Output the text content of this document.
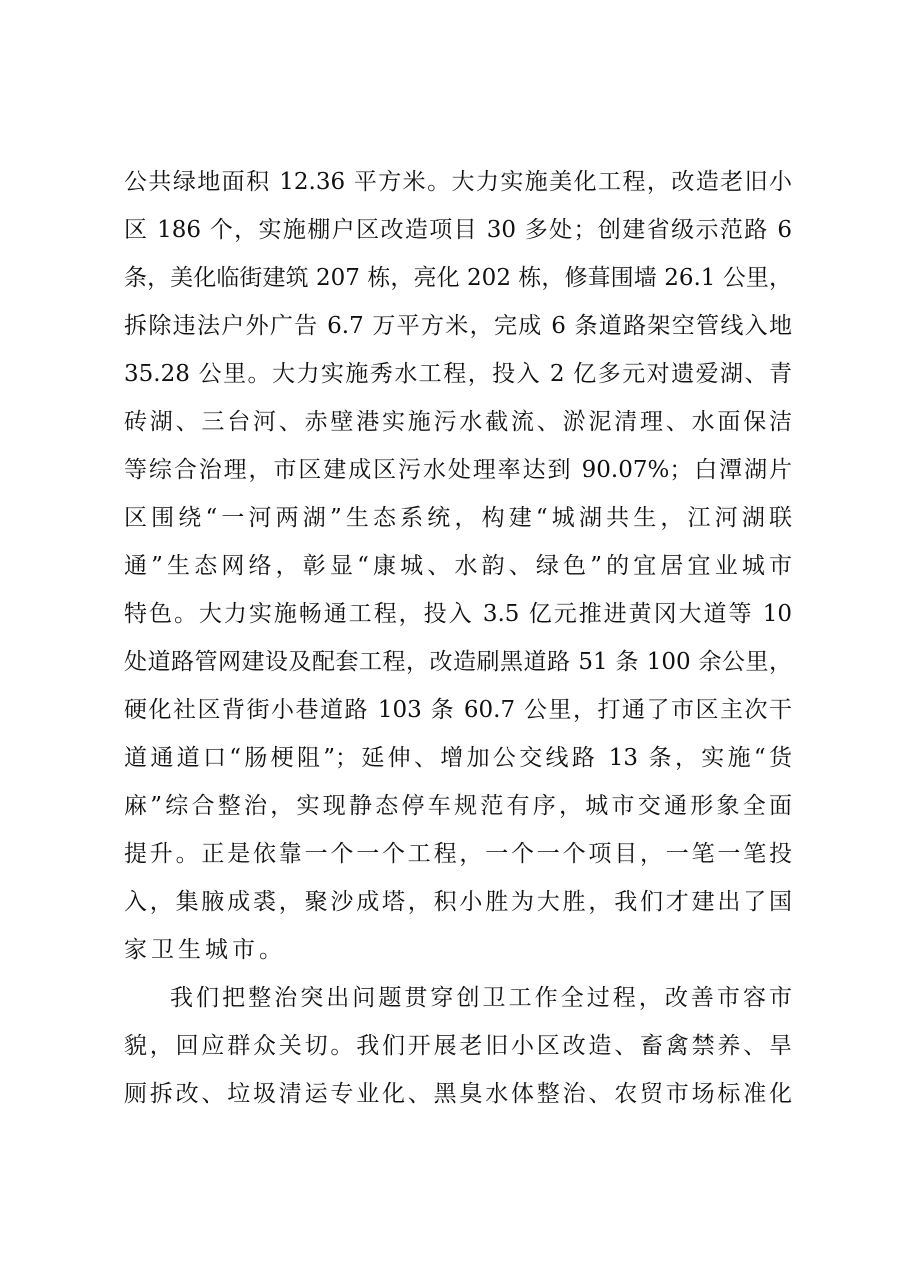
公共绿地面积 12.36 平方米。大力实施美化工程，改造老旧小
区 186 个，实施棚户区改造项目 30 多处；创建省级示范路 6
条，美化临街建筑 207 栋，亮化 202 栋，修葺围墙 26.1 公里，
拆除违法户外广告 6.7 万平方米，完成 6 条道路架空管线入地
35.28 公里。大力实施秀水工程，投入 2 亿多元对遗爱湖、青
砖湖、三台河、赤壁港实施污水截流、淤泥清理、水面保洁
等综合治理，市区建成区污水处理率达到 90.07%；白潭湖片
区围绕“一河两湖”生态系统，构建“城湖共生，江河湖联
通”生态网络，彰显“康城、水韵、绿色”的宜居宜业城市
特色。大力实施畅通工程，投入 3.5 亿元推进黄冈大道等 10
处道路管网建设及配套工程，改造刷黑道路 51 条 100 余公里，
硬化社区背街小巷道路 103 条 60.7 公里，打通了市区主次干
道通道口“肠梗阻”；延伸、增加公交线路 13 条，实施“货
麻”综合整治，实现静态停车规范有序，城市交通形象全面
提升。正是依靠一个一个工程，一个一个项目，一笔一笔投
入，集腋成裘，聚沙成塔，积小胜为大胜，我们才建出了国
家卫生城市。
我们把整治突出问题贯穿创卫工作全过程，改善市容市
貌，回应群众关切。我们开展老旧小区改造、畜禽禁养、旱
厕拆改、垃圾清运专业化、黑臭水体整治、农贸市场标准化
